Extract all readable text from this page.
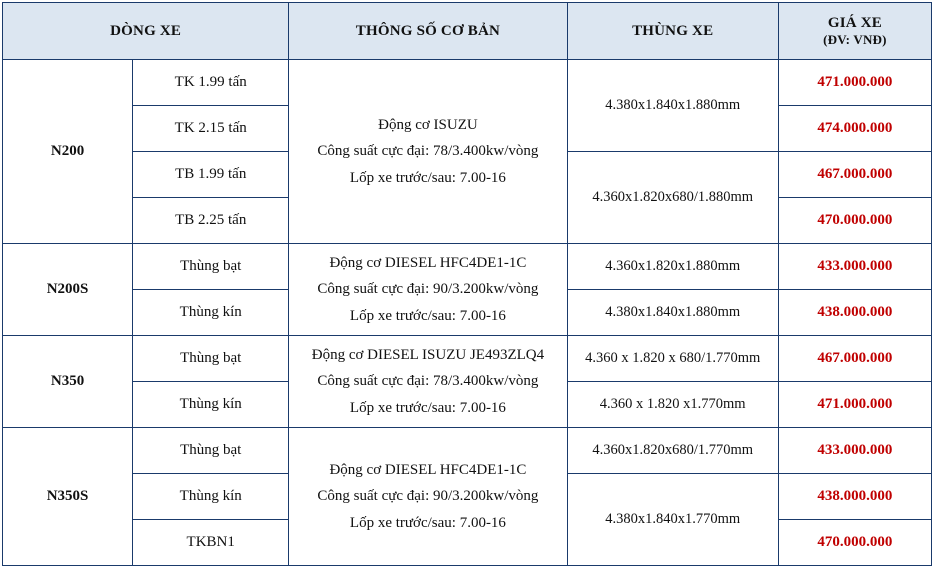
DÒNG XE		THÔNG SỐ CƠ BẢN	THÙNG XE	GIÁ XE
(ĐV: VNĐ)

N200	TK 1.99 tấn	Động cơ ISUZU
Công suất cực đại: 78/3.400kw/vòng
Lốp xe trước/sau: 7.00-16	4.380x1.840x1.880mm	471.000.000
	TK 2.15 tấn			474.000.000
	TB 1.99 tấn		4.360x1.820x680/1.880mm	467.000.000
	TB 2.25 tấn			470.000.000
N200S	Thùng bạt	Động cơ DIESEL HFC4DE1-1C
Công suất cực đại: 90/3.200kw/vòng
Lốp xe trước/sau: 7.00-16	4.360x1.820x1.880mm	433.000.000
	Thùng kín		4.380x1.840x1.880mm	438.000.000
N350	Thùng bạt	Động cơ DIESEL ISUZU JE493ZLQ4
Công suất cực đại: 78/3.400kw/vòng
Lốp xe trước/sau: 7.00-16	4.360 x 1.820 x 680/1.770mm	467.000.000
	Thùng kín		4.360 x 1.820 x1.770mm	471.000.000
N350S	Thùng bạt	Động cơ DIESEL HFC4DE1-1C
Công suất cực đại: 90/3.200kw/vòng
Lốp xe trước/sau: 7.00-16	4.360x1.820x680/1.770mm	433.000.000
	Thùng kín		4.380x1.840x1.770mm	438.000.000
	TKBN1			470.000.000
